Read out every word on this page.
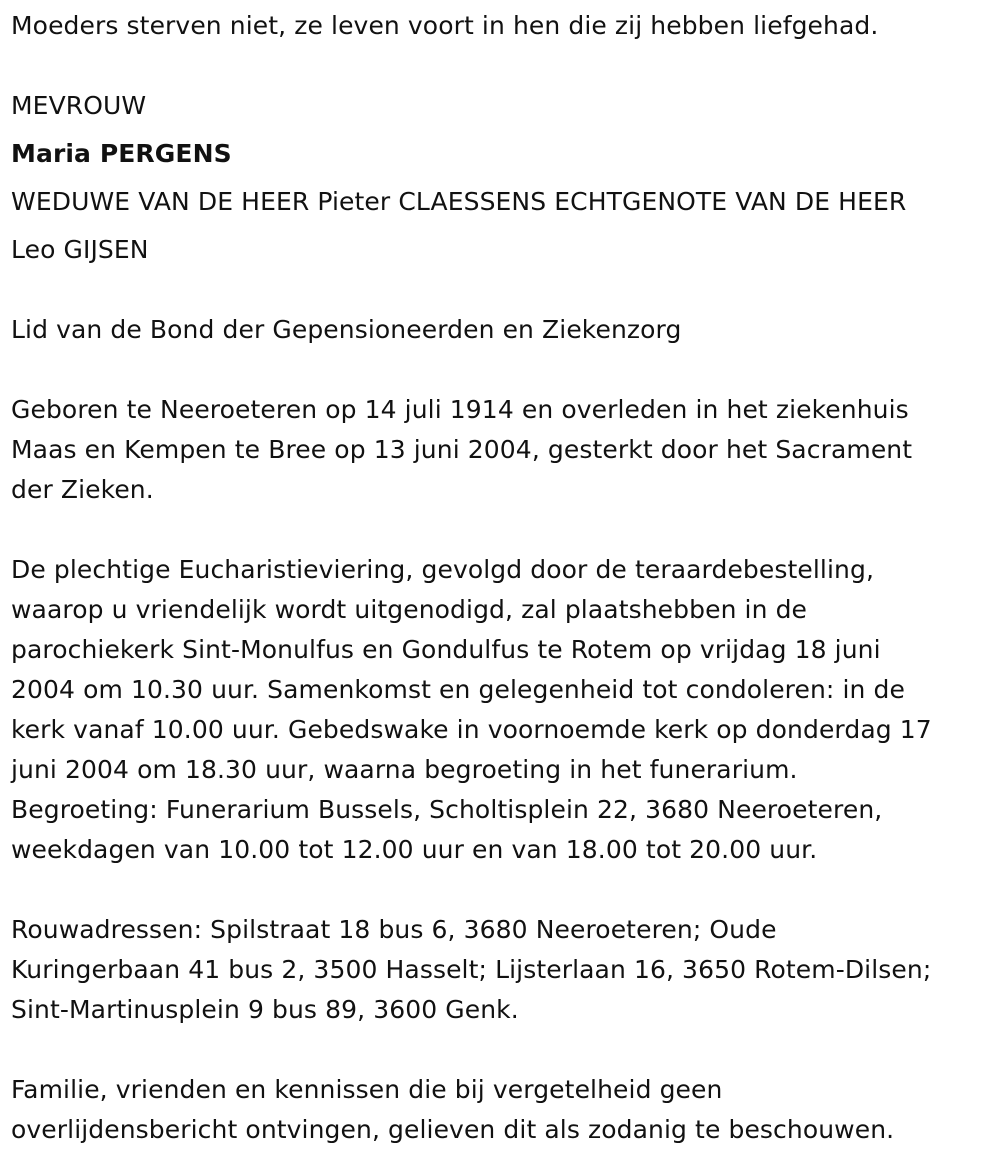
Moeders sterven niet, ze leven voort in hen die zij hebben liefgehad.
MEVROUW
Maria PERGENS
WEDUWE VAN DE HEER Pieter CLAESSENS ECHTGENOTE VAN DE HEER
Leo GIJSEN
Lid van de Bond der Gepensioneerden en Ziekenzorg
Geboren te Neeroeteren op 14 juli 1914 en overleden in het ziekenhuis
Maas en Kempen te Bree op 13 juni 2004, gesterkt door het Sacrament
der Zieken.
De plechtige Eucharistieviering, gevolgd door de teraardebestelling,
waarop u vriendelijk wordt uitgenodigd, zal plaatshebben in de
parochiekerk Sint-Monulfus en Gondulfus te Rotem op vrijdag 18 juni
2004 om 10.30 uur. Samenkomst en gelegenheid tot condoleren: in de
kerk vanaf 10.00 uur. Gebedswake in voornoemde kerk op donderdag 17
juni 2004 om 18.30 uur, waarna begroeting in het funerarium.
Begroeting: Funerarium Bussels, Scholtisplein 22, 3680 Neeroeteren,
weekdagen van 10.00 tot 12.00 uur en van 18.00 tot 20.00 uur.
Rouwadressen: Spilstraat 18 bus 6, 3680 Neeroeteren; Oude
Kuringerbaan 41 bus 2, 3500 Hasselt; Lijsterlaan 16, 3650 Rotem-Dilsen;
Sint-Martinusplein 9 bus 89, 3600 Genk.
Familie, vrienden en kennissen die bij vergetelheid geen
overlijdensbericht ontvingen, gelieven dit als zodanig te beschouwen.
